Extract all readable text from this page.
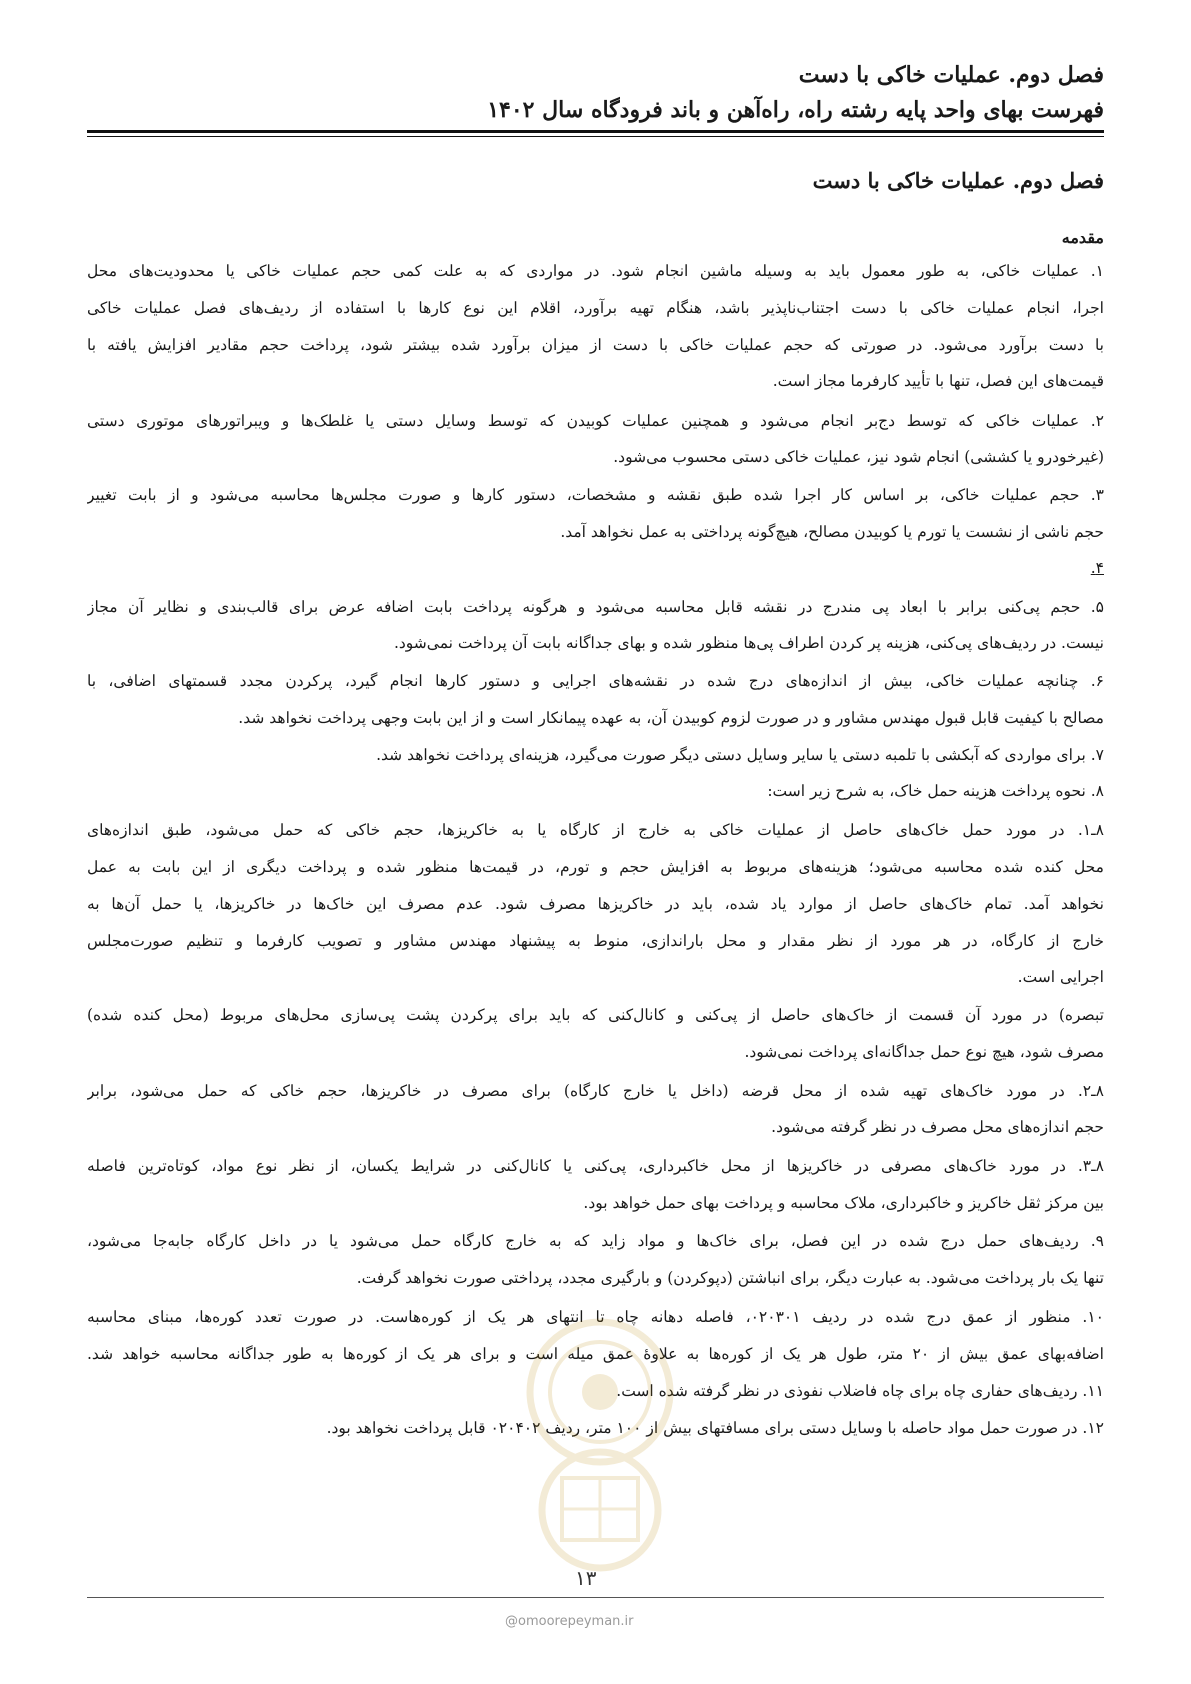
فصل دوم. عملیات خاکی با دست
فهرست بهای واحد پایه رشته راه، راه‌آهن و باند فرودگاه سال ۱۴۰۲
فصل دوم. عملیات خاکی با دست
مقدمه
۱. عملیات خاکی، به طور معمول باید به وسیله ماشین انجام شود. در مواردی که به علت کمی حجم عملیات خاکی یا محدودیت‌های محل
اجرا، انجام عملیات خاکی با دست اجتناب‌ناپذیر باشد، هنگام تهیه برآورد، اقلام این نوع کارها با استفاده از ردیف‌های فصل عملیات خاکی
با دست برآورد می‌شود. در صورتی که حجم عملیات خاکی با دست از میزان برآورد شده بیشتر شود، پرداخت حجم مقادیر افزایش یافته با
قیمت‌های این فصل، تنها با تأیید کارفرما مجاز است.
۲. عملیات خاکی که توسط دج‌بر انجام می‌شود و همچنین عملیات کوبیدن که توسط وسایل دستی یا غلطک‌ها و ویبراتورهای موتوری دستی
(غیرخودرو یا کششی) انجام شود نیز، عملیات خاکی دستی محسوب می‌شود.
۳. حجم عملیات خاکی، بر اساس کار اجرا شده طبق نقشه و مشخصات، دستور کارها و صورت مجلس‌ها محاسبه می‌شود و از بابت تغییر
حجم ناشی از نشست یا تورم یا کوبیدن مصالح، هیچ‌گونه پرداختی به عمل نخواهد آمد.
۴.
۵. حجم پی‌کنی برابر با ابعاد پی مندرج در نقشه قابل محاسبه می‌شود و هرگونه پرداخت بابت اضافه عرض برای قالب‌بندی و نظایر آن مجاز
نیست. در ردیف‌های پی‌کنی، هزینه پر کردن اطراف پی‌ها منظور شده و بهای جداگانه بابت آن پرداخت نمی‌شود.
۶. چنانچه عملیات خاکی، بیش از اندازه‌های درج شده در نقشه‌های اجرایی و دستور کارها انجام گیرد، پرکردن مجدد قسمتهای اضافی، با
مصالح با کیفیت قابل قبول مهندس مشاور و در صورت لزوم کوبیدن آن، به عهده پیمانکار است و از این بابت وجهی پرداخت نخواهد شد.
۷. برای مواردی که آبکشی با تلمبه دستی یا سایر وسایل دستی دیگر صورت می‌گیرد، هزینه‌ای پرداخت نخواهد شد.
۸. نحوه پرداخت هزینه حمل خاک، به شرح زیر است:
۸ـ۱. در مورد حمل خاک‌های حاصل از عملیات خاکی به خارج از کارگاه یا به خاکریزها، حجم خاکی که حمل می‌شود، طبق اندازه‌های
محل کنده شده محاسبه می‌شود؛ هزینه‌های مربوط به افزایش حجم و تورم، در قیمت‌ها منظور شده و پرداخت دیگری از این بابت به عمل
نخواهد آمد. تمام خاک‌های حاصل از موارد یاد شده، باید در خاکریزها مصرف شود. عدم مصرف این خاک‌ها در خاکریزها، یا حمل آن‌ها به
خارج از کارگاه، در هر مورد از نظر مقدار و محل باراندازی، منوط به پیشنهاد مهندس مشاور و تصویب کارفرما و تنظیم صورت‌مجلس
اجرایی است.
تبصره) در مورد آن قسمت از خاک‌های حاصل از پی‌کنی و کانال‌کنی که باید برای پرکردن پشت پی‌سازی محل‌های مربوط (محل کنده شده)
مصرف شود، هیچ نوع حمل جداگانه‌ای پرداخت نمی‌شود.
۸ـ۲. در مورد خاک‌های تهیه شده از محل قرضه (داخل یا خارج کارگاه) برای مصرف در خاکریزها، حجم خاکی که حمل می‌شود، برابر
حجم اندازه‌های محل مصرف در نظر گرفته می‌شود.
۸ـ۳. در مورد خاک‌های مصرفی در خاکریزها از محل خاکبرداری، پی‌کنی یا کانال‌کنی در شرایط یکسان، از نظر نوع مواد، کوتاه‌ترین فاصله
بین مرکز ثقل خاکریز و خاکبرداری، ملاک محاسبه و پرداخت بهای حمل خواهد بود.
۹. ردیف‌های حمل درج شده در این فصل، برای خاک‌ها و مواد زاید که به خارج کارگاه حمل می‌شود یا در داخل کارگاه جابه‌جا می‌شود،
تنها یک بار پرداخت می‌شود. به عبارت دیگر، برای انباشتن (دپوکردن) و بارگیری مجدد، پرداختی صورت نخواهد گرفت.
۱۰. منظور از عمق درج شده در ردیف ۰۲۰۳۰۱، فاصله دهانه چاه تا انتهای هر یک از کوره‌هاست. در صورت تعدد کوره‌ها، مبنای محاسبه
اضافه‌بهای عمق بیش از ۲۰ متر، طول هر یک از کوره‌ها به علاوهٔ عمق میله است و برای هر یک از کوره‌ها به طور جداگانه محاسبه خواهد شد.
۱۱. ردیف‌های حفاری چاه برای چاه فاضلاب نفوذی در نظر گرفته شده است.
۱۲. در صورت حمل مواد حاصله با وسایل دستی برای مسافتهای بیش از ۱۰۰ متر، ردیف ۰۲۰۴۰۲ قابل پرداخت نخواهد بود.
۱۳
@omoorepeyman.ir
